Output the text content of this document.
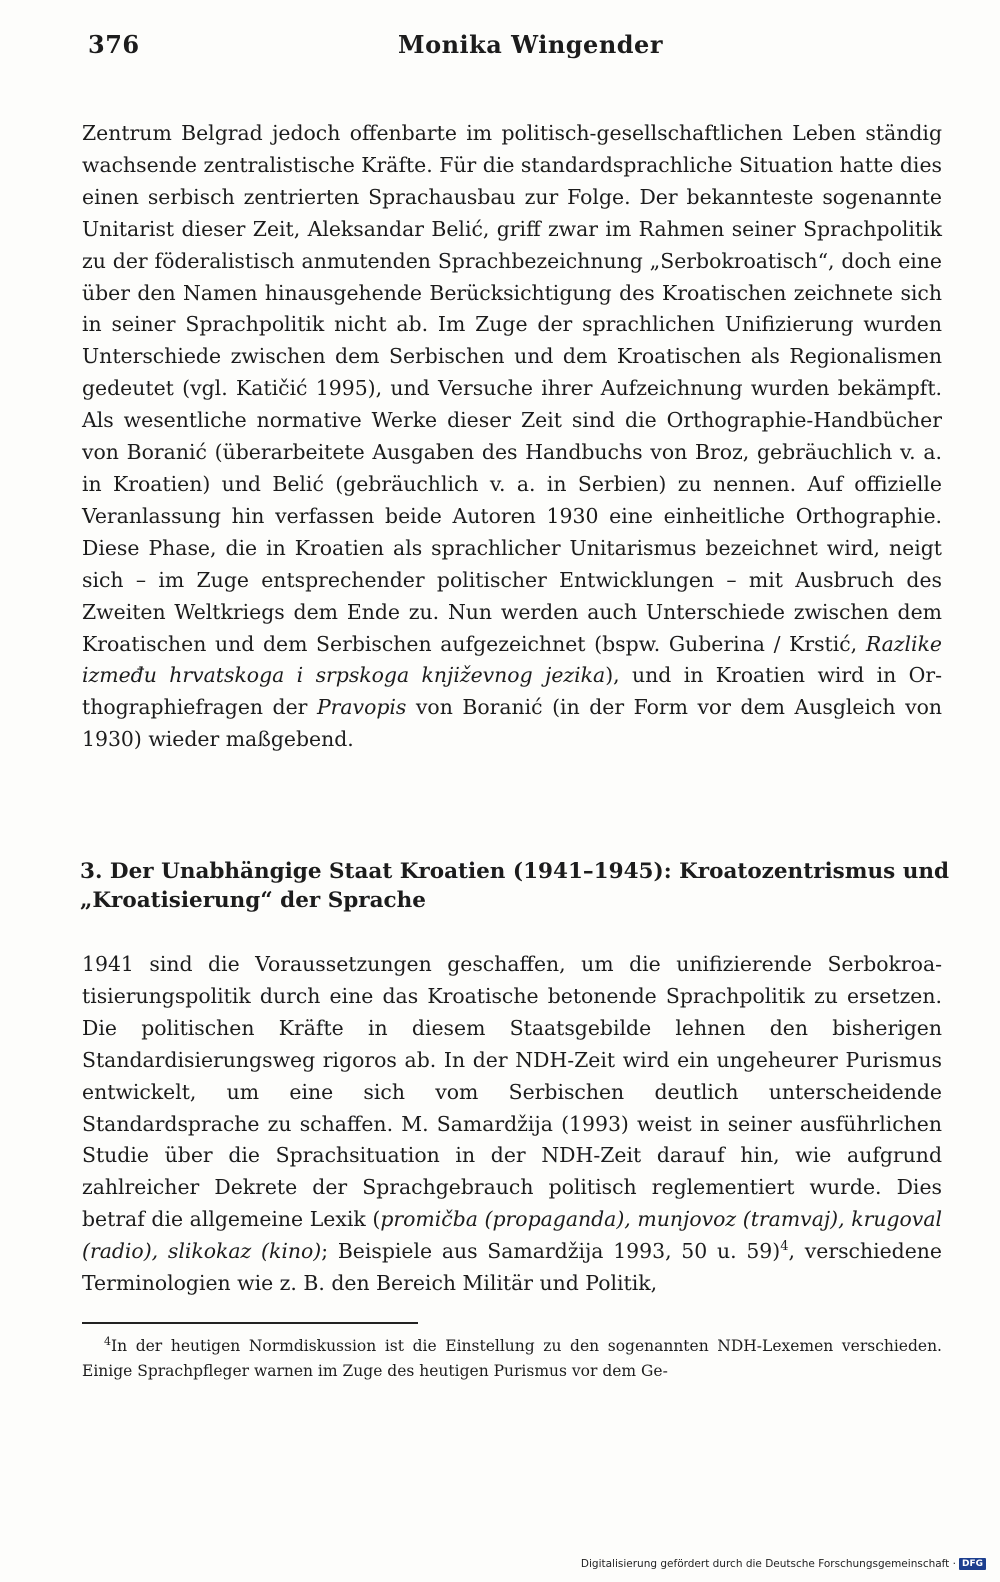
376	Monika Wingender
Zentrum Belgrad jedoch offenbarte im politisch-gesellschaftlichen Leben ständig wachsende zentralistische Kräfte. Für die standardsprachliche Situation hatte dies einen serbisch zentrierten Sprachausbau zur Folge. Der bekannteste sogenannte Unitarist dieser Zeit, Aleksandar Belić, griff zwar im Rahmen seiner Sprachpolitik zu der föderalistisch anmutenden Sprachbezeichnung „Serbokroatisch“, doch eine über den Namen hinausgehende Berücksichtigung des Kroatischen zeichnete sich in seiner Sprachpolitik nicht ab. Im Zuge der sprachlichen Unifizierung wurden Unterschiede zwischen dem Serbischen und dem Kroatischen als Regionalismen gedeutet (vgl. Katičić 1995), und Versuche ihrer Aufzeichnung wurden bekämpft. Als wesentliche normative Werke dieser Zeit sind die Orthographie-Handbücher von Boranić (überarbeitete Ausgaben des Handbuchs von Broz, gebräuchlich v. a. in Kroatien) und Belić (gebräuchlich v. a. in Serbien) zu nennen. Auf offizielle Veranlassung hin verfassen beide Autoren 1930 eine einheitliche Orthographie. Diese Phase, die in Kroatien als sprachlicher Unitarismus bezeichnet wird, neigt sich – im Zuge entsprechender politischer Entwicklungen – mit Ausbruch des Zweiten Weltkriegs dem Ende zu. Nun werden auch Unterschiede zwischen dem Kroatischen und dem Serbischen aufgezeichnet (bspw. Guberina / Krstić, Razlike između hrvatskoga i srpskoga književnog jezika), und in Kroatien wird in Orthographiefragen der Pravopis von Boranić (in der Form vor dem Ausgleich von 1930) wieder maßgebend.
3. Der Unabhängige Staat Kroatien (1941–1945): Kroatozentrismus und „Kroatisierung“ der Sprache
1941 sind die Voraussetzungen geschaffen, um die unifizierende Serbokroatisierungspolitik durch eine das Kroatische betonende Sprachpolitik zu ersetzen. Die politischen Kräfte in diesem Staatsgebilde lehnen den bisherigen Standardisierungsweg rigoros ab. In der NDH-Zeit wird ein ungeheurer Purismus entwickelt, um eine sich vom Serbischen deutlich unterscheidende Standardsprache zu schaffen. M. Samardžija (1993) weist in seiner ausführlichen Studie über die Sprachsituation in der NDH-Zeit darauf hin, wie aufgrund zahlreicher Dekrete der Sprachgebrauch politisch reglementiert wurde. Dies betraf die allgemeine Lexik (promičba (propaganda), munjovoz (tramvaj), krugoval (radio), slikokaz (kino); Beispiele aus Samardžija 1993, 50 u. 59)$^4$, verschiedene Terminologien wie z. B. den Bereich Militär und Politik,
$^4$In der heutigen Normdiskussion ist die Einstellung zu den sogenannten NDH-Lexemen verschieden. Einige Sprachpfleger warnen im Zuge des heutigen Purismus vor dem Ge-
Digitalisierung gefördert durch die Deutsche Forschungsgemeinschaft · DFG
